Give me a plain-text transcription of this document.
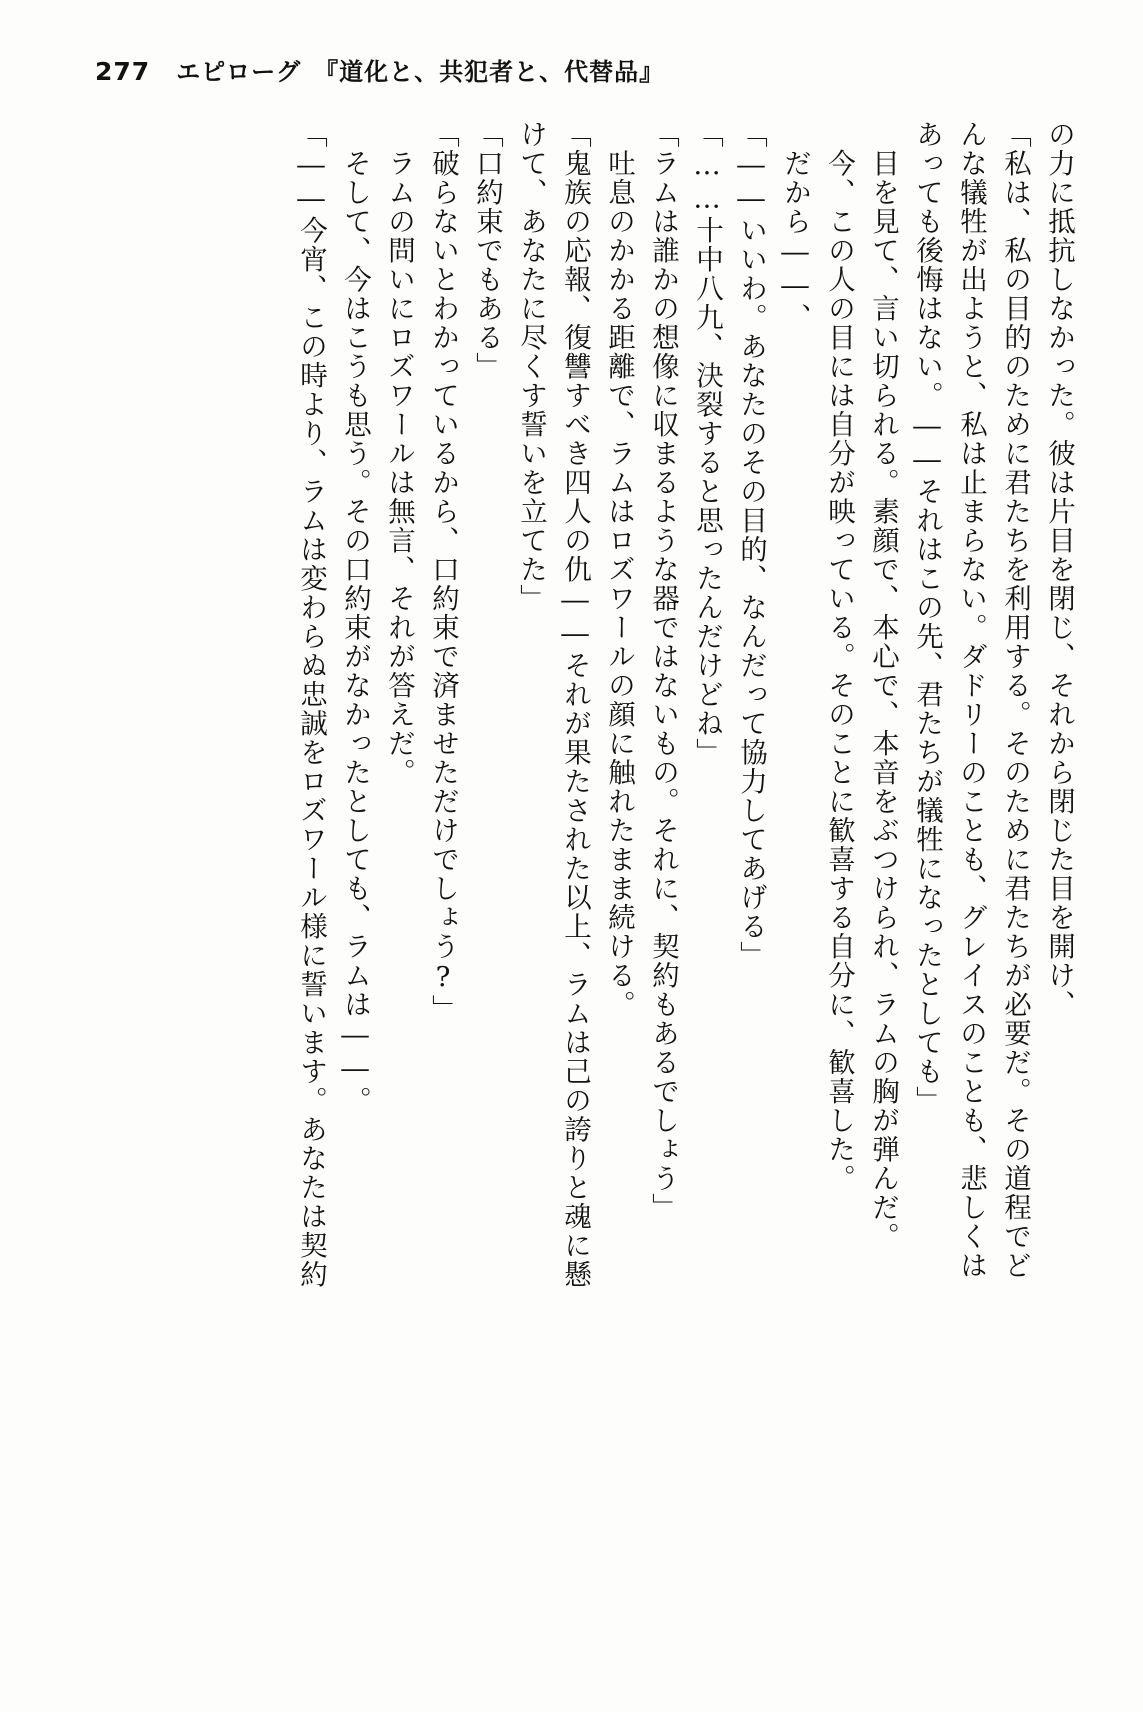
277 エピローグ　『道化と、共犯者と、代替品』
の力に抵抗しなかった。彼は片目を閉じ、それから閉じた目を開け、
「私は、私の目的のために君たちを利用する。そのために君たちが必要だ。その道程でど
んな犠牲が出ようと、私は止まらない。ダドリーのことも、グレイスのことも、悲しくは
あっても後悔はない。――それはこの先、君たちが犠牲になったとしても」
　目を見て、言い切られる。素顔で、本心で、本音をぶつけられ、ラムの胸が弾んだ。
　今、この人の目には自分が映っている。そのことに歓喜する自分に、歓喜した。
　だから――、
「――いいわ。あなたのその目的、なんだって協力してあげる」
「……十中八九、決裂すると思ったんだけどね」
「ラムは誰かの想像に収まるような器ではないもの。それに、契約もあるでしょう」
　吐息のかかる距離で、ラムはロズワールの顔に触れたまま続ける。
「鬼族の応報、復讐すべき四人の仇――それが果たされた以上、ラムは己の誇りと魂に懸
けて、あなたに尽くす誓いを立てた」
「口約束でもある」
「破らないとわかっているから、口約束で済ませただけでしょう?」
　ラムの問いにロズワールは無言、それが答えだ。
　そして、今はこうも思う。その口約束がなかったとしても、ラムは――。
「――今宵、この時より、ラムは変わらぬ忠誠をロズワール様に誓います。あなたは契約
